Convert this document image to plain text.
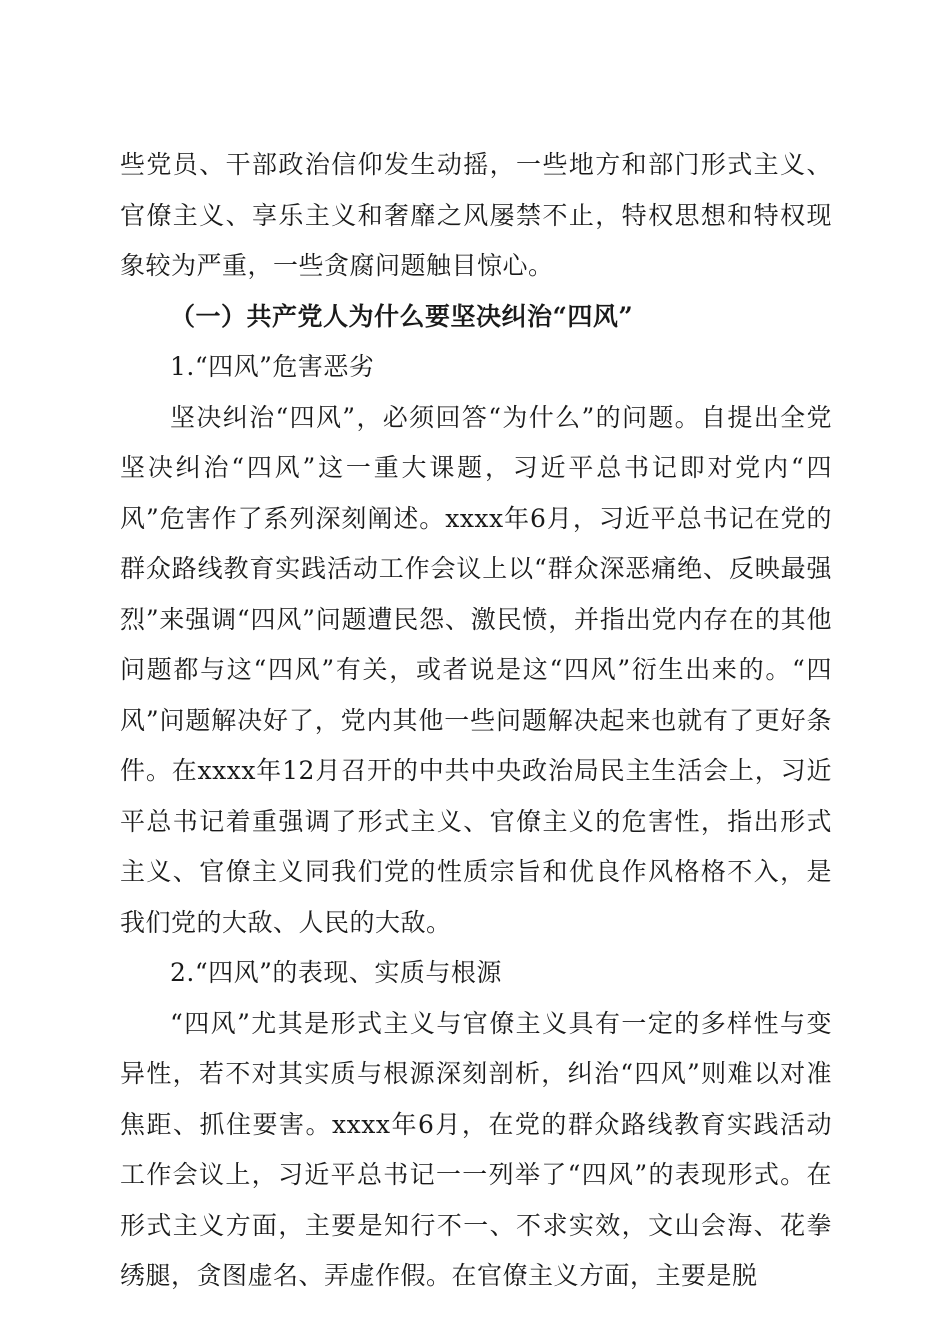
些党员、干部政治信仰发生动摇，一些地方和部门形式主义、官僚主义、享乐主义和奢靡之风屡禁不止，特权思想和特权现象较为严重，一些贪腐问题触目惊心。

（一）共产党人为什么要坚决纠治“四风”

1.“四风”危害恶劣

坚决纠治“四风”，必须回答“为什么”的问题。自提出全党坚决纠治“四风”这一重大课题，习近平总书记即对党内“四风”危害作了系列深刻阐述。xxxx年6月，习近平总书记在党的群众路线教育实践活动工作会议上以“群众深恶痛绝、反映最强烈”来强调“四风”问题遭民怨、激民愤，并指出党内存在的其他问题都与这“四风”有关，或者说是这“四风”衍生出来的。“四风”问题解决好了，党内其他一些问题解决起来也就有了更好条件。在xxxx年12月召开的中共中央政治局民主生活会上，习近平总书记着重强调了形式主义、官僚主义的危害性，指出形式主义、官僚主义同我们党的性质宗旨和优良作风格格不入，是我们党的大敌、人民的大敌。

2.“四风”的表现、实质与根源

“四风”尤其是形式主义与官僚主义具有一定的多样性与变异性，若不对其实质与根源深刻剖析，纠治“四风”则难以对准焦距、抓住要害。xxxx年6月，在党的群众路线教育实践活动工作会议上，习近平总书记一一列举了“四风”的表现形式。在形式主义方面，主要是知行不一、不求实效，文山会海、花拳绣腿，贪图虚名、弄虚作假。在官僚主义方面，主要是脱
